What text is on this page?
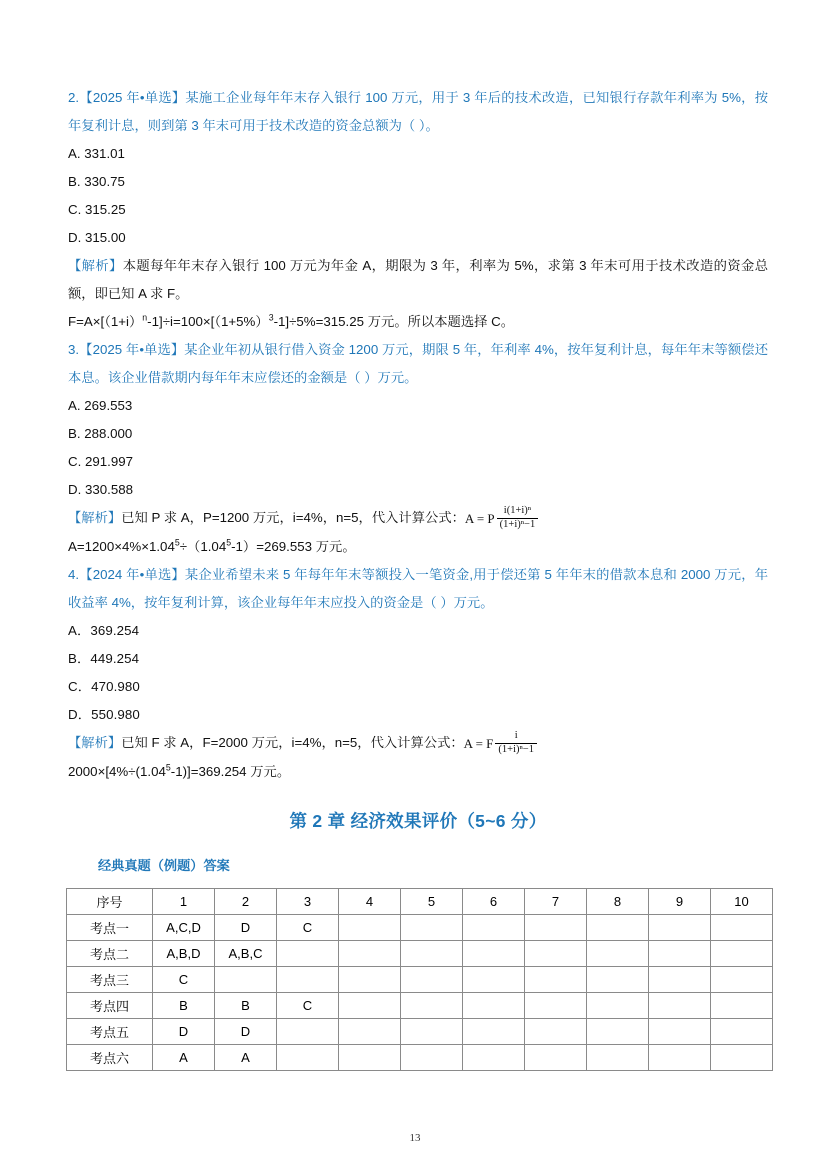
2.【2025 年•单选】某施工企业每年年末存入银行 100 万元，用于 3 年后的技术改造，已知银行存款年利率为 5%，按年复利计息，则到第 3 年末可用于技术改造的资金总额为（ ）。
A. 331.01
B. 330.75
C. 315.25
D. 315.00
【解析】本题每年年末存入银行 100 万元为年金 A，期限为 3 年，利率为 5%，求第 3 年末可用于技术改造的资金总额，即已知 A 求 F。
$F=A\times[(1+i)^n-1]\div i=100\times[(1+5\%)^3-1]\div 5\%=315.25$ 万元。所以本题选择 C。
3.【2025 年•单选】某企业年初从银行借入资金 1200 万元，期限 5 年，年利率 4%，按年复利计息，每年年末等额偿还本息。该企业借款期内每年年末应偿还的金额是（ ）万元。
A. 269.553
B. 288.000
C. 291.997
D. 330.588
【解析】已知 P 求 A，P=1200 万元，i=4%，n=5，代入计算公式：A = P $\frac{\text{i(1+i)ⁿ}}{\text{(1+i)ⁿ−1}}$
$A=1200\times 4\%\times 1.04^5\div(1.04^5-1)=269.553$ 万元。
4.【2024 年•单选】某企业希望未来 5 年每年年末等额投入一笔资金,用于偿还第 5 年年末的借款本息和 2000 万元，年收益率 4%，按年复利计算，该企业每年年末应投入的资金是（ ）万元。
A．369.254
B．449.254
C．470.980
D．550.980
【解析】已知 F 求 A，F=2000 万元，i=4%，n=5，代入计算公式：A = F $\frac{i}{\text{(1+i)ⁿ−1}}$
$2000\times[4\%\div(1.04^5-1)]=369.254$ 万元。
第 2 章 经济效果评价（5~6 分）
经典真题（例题）答案
序号	1	2	3	4	5	6	7	8	9	10
考点一	A,C,D	D	C							
考点二	A,B,D	A,B,C								
考点三	C									
考点四	B	B	C							
考点五	D	D								
考点六	A	A								
13
